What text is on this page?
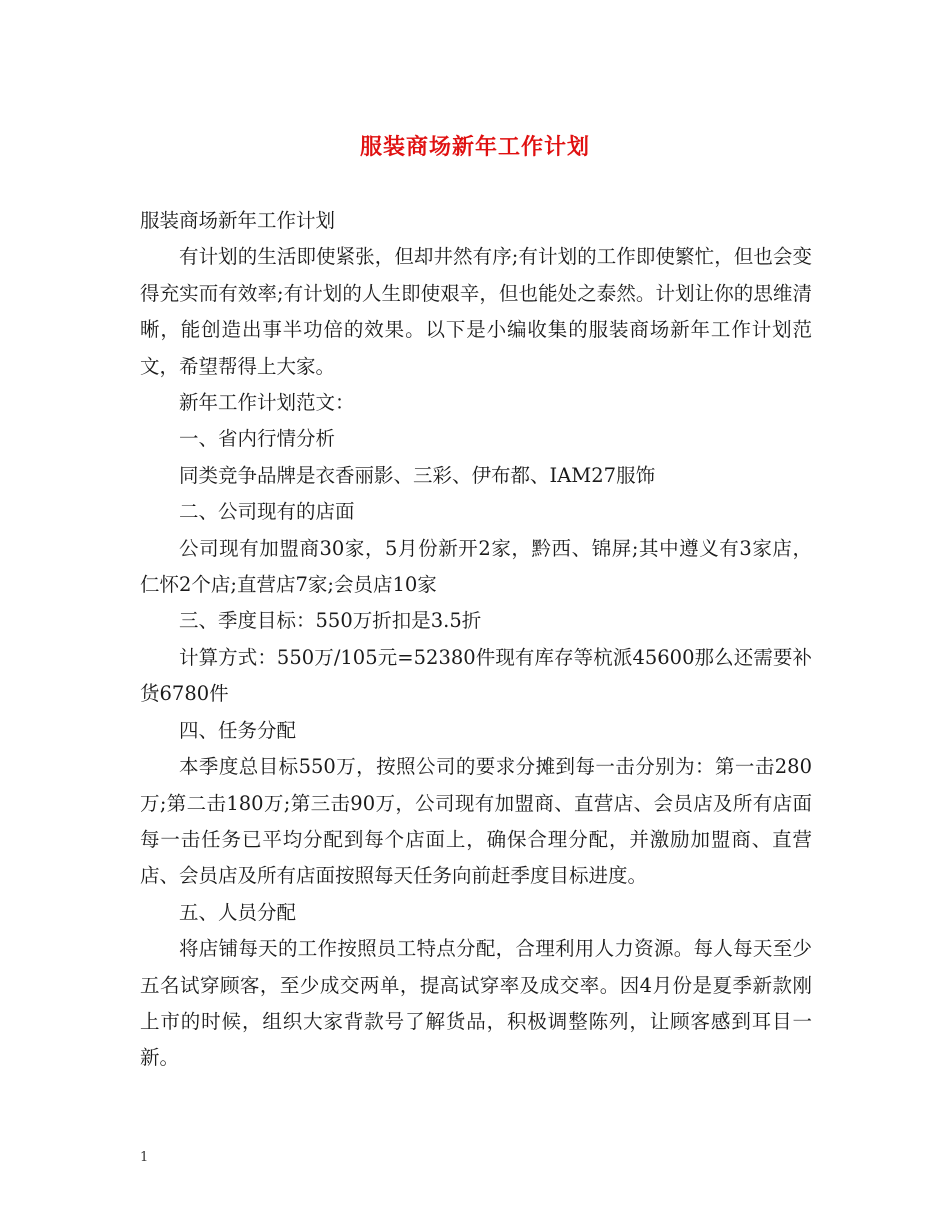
服装商场新年工作计划

服装商场新年工作计划

有计划的生活即使紧张，但却井然有序;有计划的工作即使繁忙，但也会变得充实而有效率;有计划的人生即使艰辛，但也能处之泰然。计划让你的思维清晰，能创造出事半功倍的效果。以下是小编收集的服装商场新年工作计划范文，希望帮得上大家。

新年工作计划范文：

一、省内行情分析

同类竞争品牌是衣香丽影、三彩、伊布都、IAM27服饰

二、公司现有的店面

公司现有加盟商30家，5月份新开2家，黔西、锦屏;其中遵义有3家店，仁怀2个店;直营店7家;会员店10家

三、季度目标：550万折扣是3.5折

计算方式：550万/105元=52380件现有库存等杭派45600那么还需要补货6780件

四、任务分配

本季度总目标550万，按照公司的要求分摊到每一击分别为：第一击280万;第二击180万;第三击90万，公司现有加盟商、直营店、会员店及所有店面每一击任务已平均分配到每个店面上，确保合理分配，并激励加盟商、直营店、会员店及所有店面按照每天任务向前赶季度目标进度。

五、人员分配

将店铺每天的工作按照员工特点分配，合理利用人力资源。每人每天至少五名试穿顾客，至少成交两单，提高试穿率及成交率。因4月份是夏季新款刚上市的时候，组织大家背款号了解货品，积极调整陈列，让顾客感到耳目一新。

1
